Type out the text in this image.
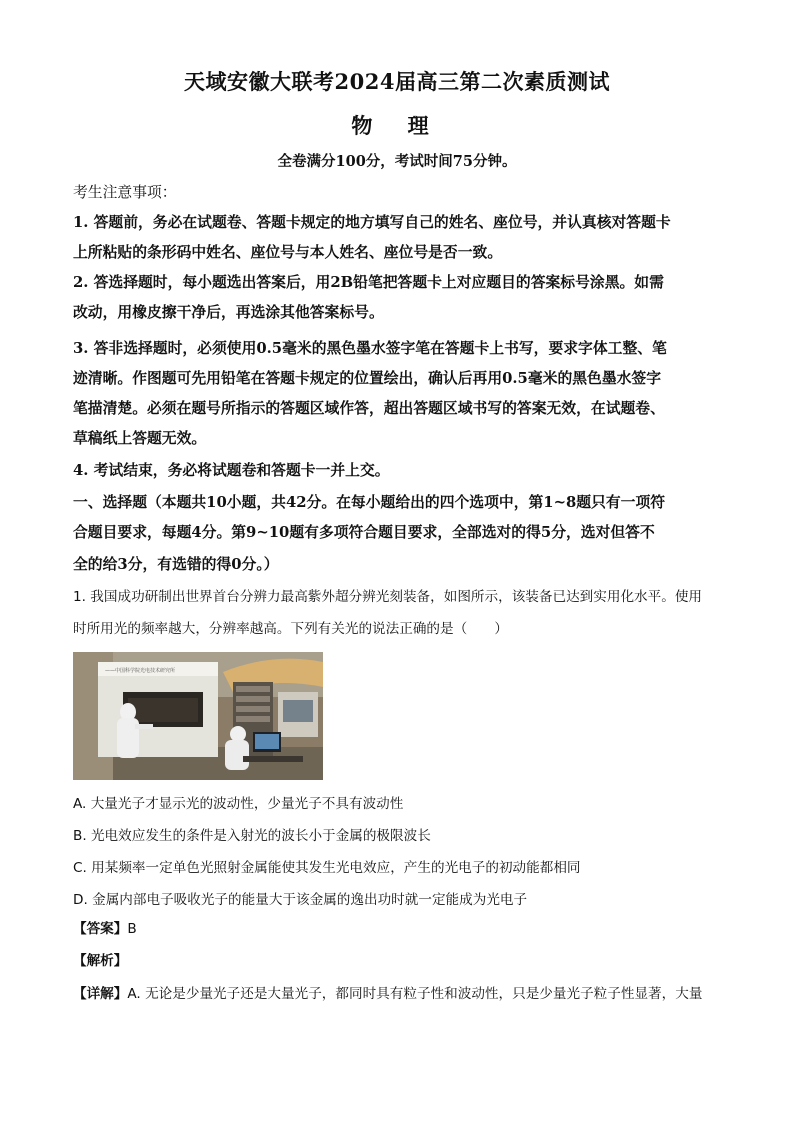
天域安徽大联考2024届高三第二次素质测试
物 理
全卷满分100分，考试时间75分钟。
考生注意事项：
1. 答题前，务必在试题卷、答题卡规定的地方填写自己的姓名、座位号，并认真核对答题卡
上所粘贴的条形码中姓名、座位号与本人姓名、座位号是否一致。
2. 答选择题时，每小题选出答案后，用2B铅笔把答题卡上对应题目的答案标号涂黑。如需
改动，用橡皮擦干净后，再选涂其他答案标号。
3. 答非选择题时，必须使用0.5毫米的黑色墨水签字笔在答题卡上书写，要求字体工整、笔
迹清晰。作图题可先用铅笔在答题卡规定的位置绘出，确认后再用0.5毫米的黑色墨水签字
笔描清楚。必须在题号所指示的答题区域作答，超出答题区域书写的答案无效，在试题卷、
草稿纸上答题无效。
4. 考试结束，务必将试题卷和答题卡一并上交。
一、选择题（本题共10小题，共42分。在每小题给出的四个选项中，第1~8题只有一项符
合题目要求，每题4分。第9~10题有多项符合题目要求，全部选对的得5分，选对但答不
全的给3分，有选错的得0分。）
1. 我国成功研制出世界首台分辨力最高紫外超分辨光刻装备，如图所示，该装备已达到实用化水平。使用
时所用光的频率越大，分辨率越高。下列有关光的说法正确的是（　　）
——中国科学院光电技术研究所
A. 大量光子才显示光的波动性，少量光子不具有波动性
B. 光电效应发生的条件是入射光的波长小于金属的极限波长
C. 用某频率一定单色光照射金属能使其发生光电效应，产生的光电子的初动能都相同
D. 金属内部电子吸收光子的能量大于该金属的逸出功时就一定能成为光电子
【答案】B
【解析】
【详解】A. 无论是少量光子还是大量光子，都同时具有粒子性和波动性，只是少量光子粒子性显著，大量
